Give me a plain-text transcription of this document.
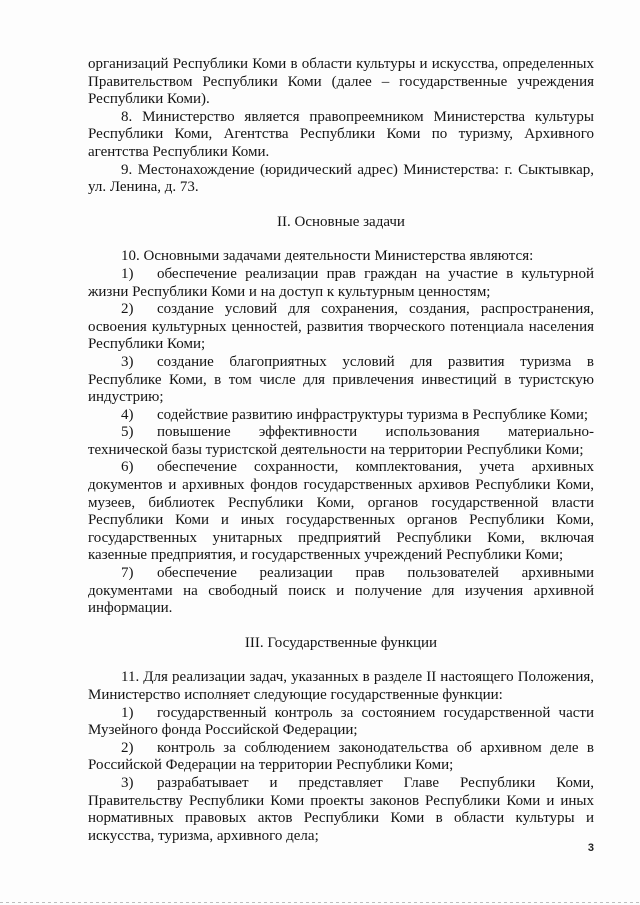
организаций Республики Коми в области культуры и искусства, определенных Правительством Республики Коми (далее – государственные учреждения Республики Коми).

8. Министерство является правопреемником Министерства культуры Республики Коми, Агентства Республики Коми по туризму, Архивного агентства Республики Коми.

9. Местонахождение (юридический адрес) Министерства: г. Сыктывкар, ул. Ленина, д. 73.

II. Основные задачи

10. Основными задачами деятельности Министерства являются:

1) обеспечение реализации прав граждан на участие в культурной жизни Республики Коми и на доступ к культурным ценностям;

2) создание условий для сохранения, создания, распространения, освоения культурных ценностей, развития творческого потенциала населения Республики Коми;

3) создание благоприятных условий для развития туризма в Республике Коми, в том числе для привлечения инвестиций в туристскую индустрию;

4) содействие развитию инфраструктуры туризма в Республике Коми;

5) повышение эффективности использования материально-технической базы туристской деятельности на территории Республики Коми;

6) обеспечение сохранности, комплектования, учета архивных документов и архивных фондов государственных архивов Республики Коми, музеев, библиотек Республики Коми, органов государственной власти Республики Коми и иных государственных органов Республики Коми, государственных унитарных предприятий Республики Коми, включая казенные предприятия, и государственных учреждений Республики Коми;

7) обеспечение реализации прав пользователей архивными документами на свободный поиск и получение для изучения архивной информации.

III. Государственные функции

11. Для реализации задач, указанных в разделе II настоящего Положения, Министерство исполняет следующие государственные функции:

1) государственный контроль за состоянием государственной части Музейного фонда Российской Федерации;

2) контроль за соблюдением законодательства об архивном деле в Российской Федерации на территории Республики Коми;

3) разрабатывает и представляет Главе Республики Коми, Правительству Республики Коми проекты законов Республики Коми и иных нормативных правовых актов Республики Коми в области культуры и искусства, туризма, архивного дела;

3
